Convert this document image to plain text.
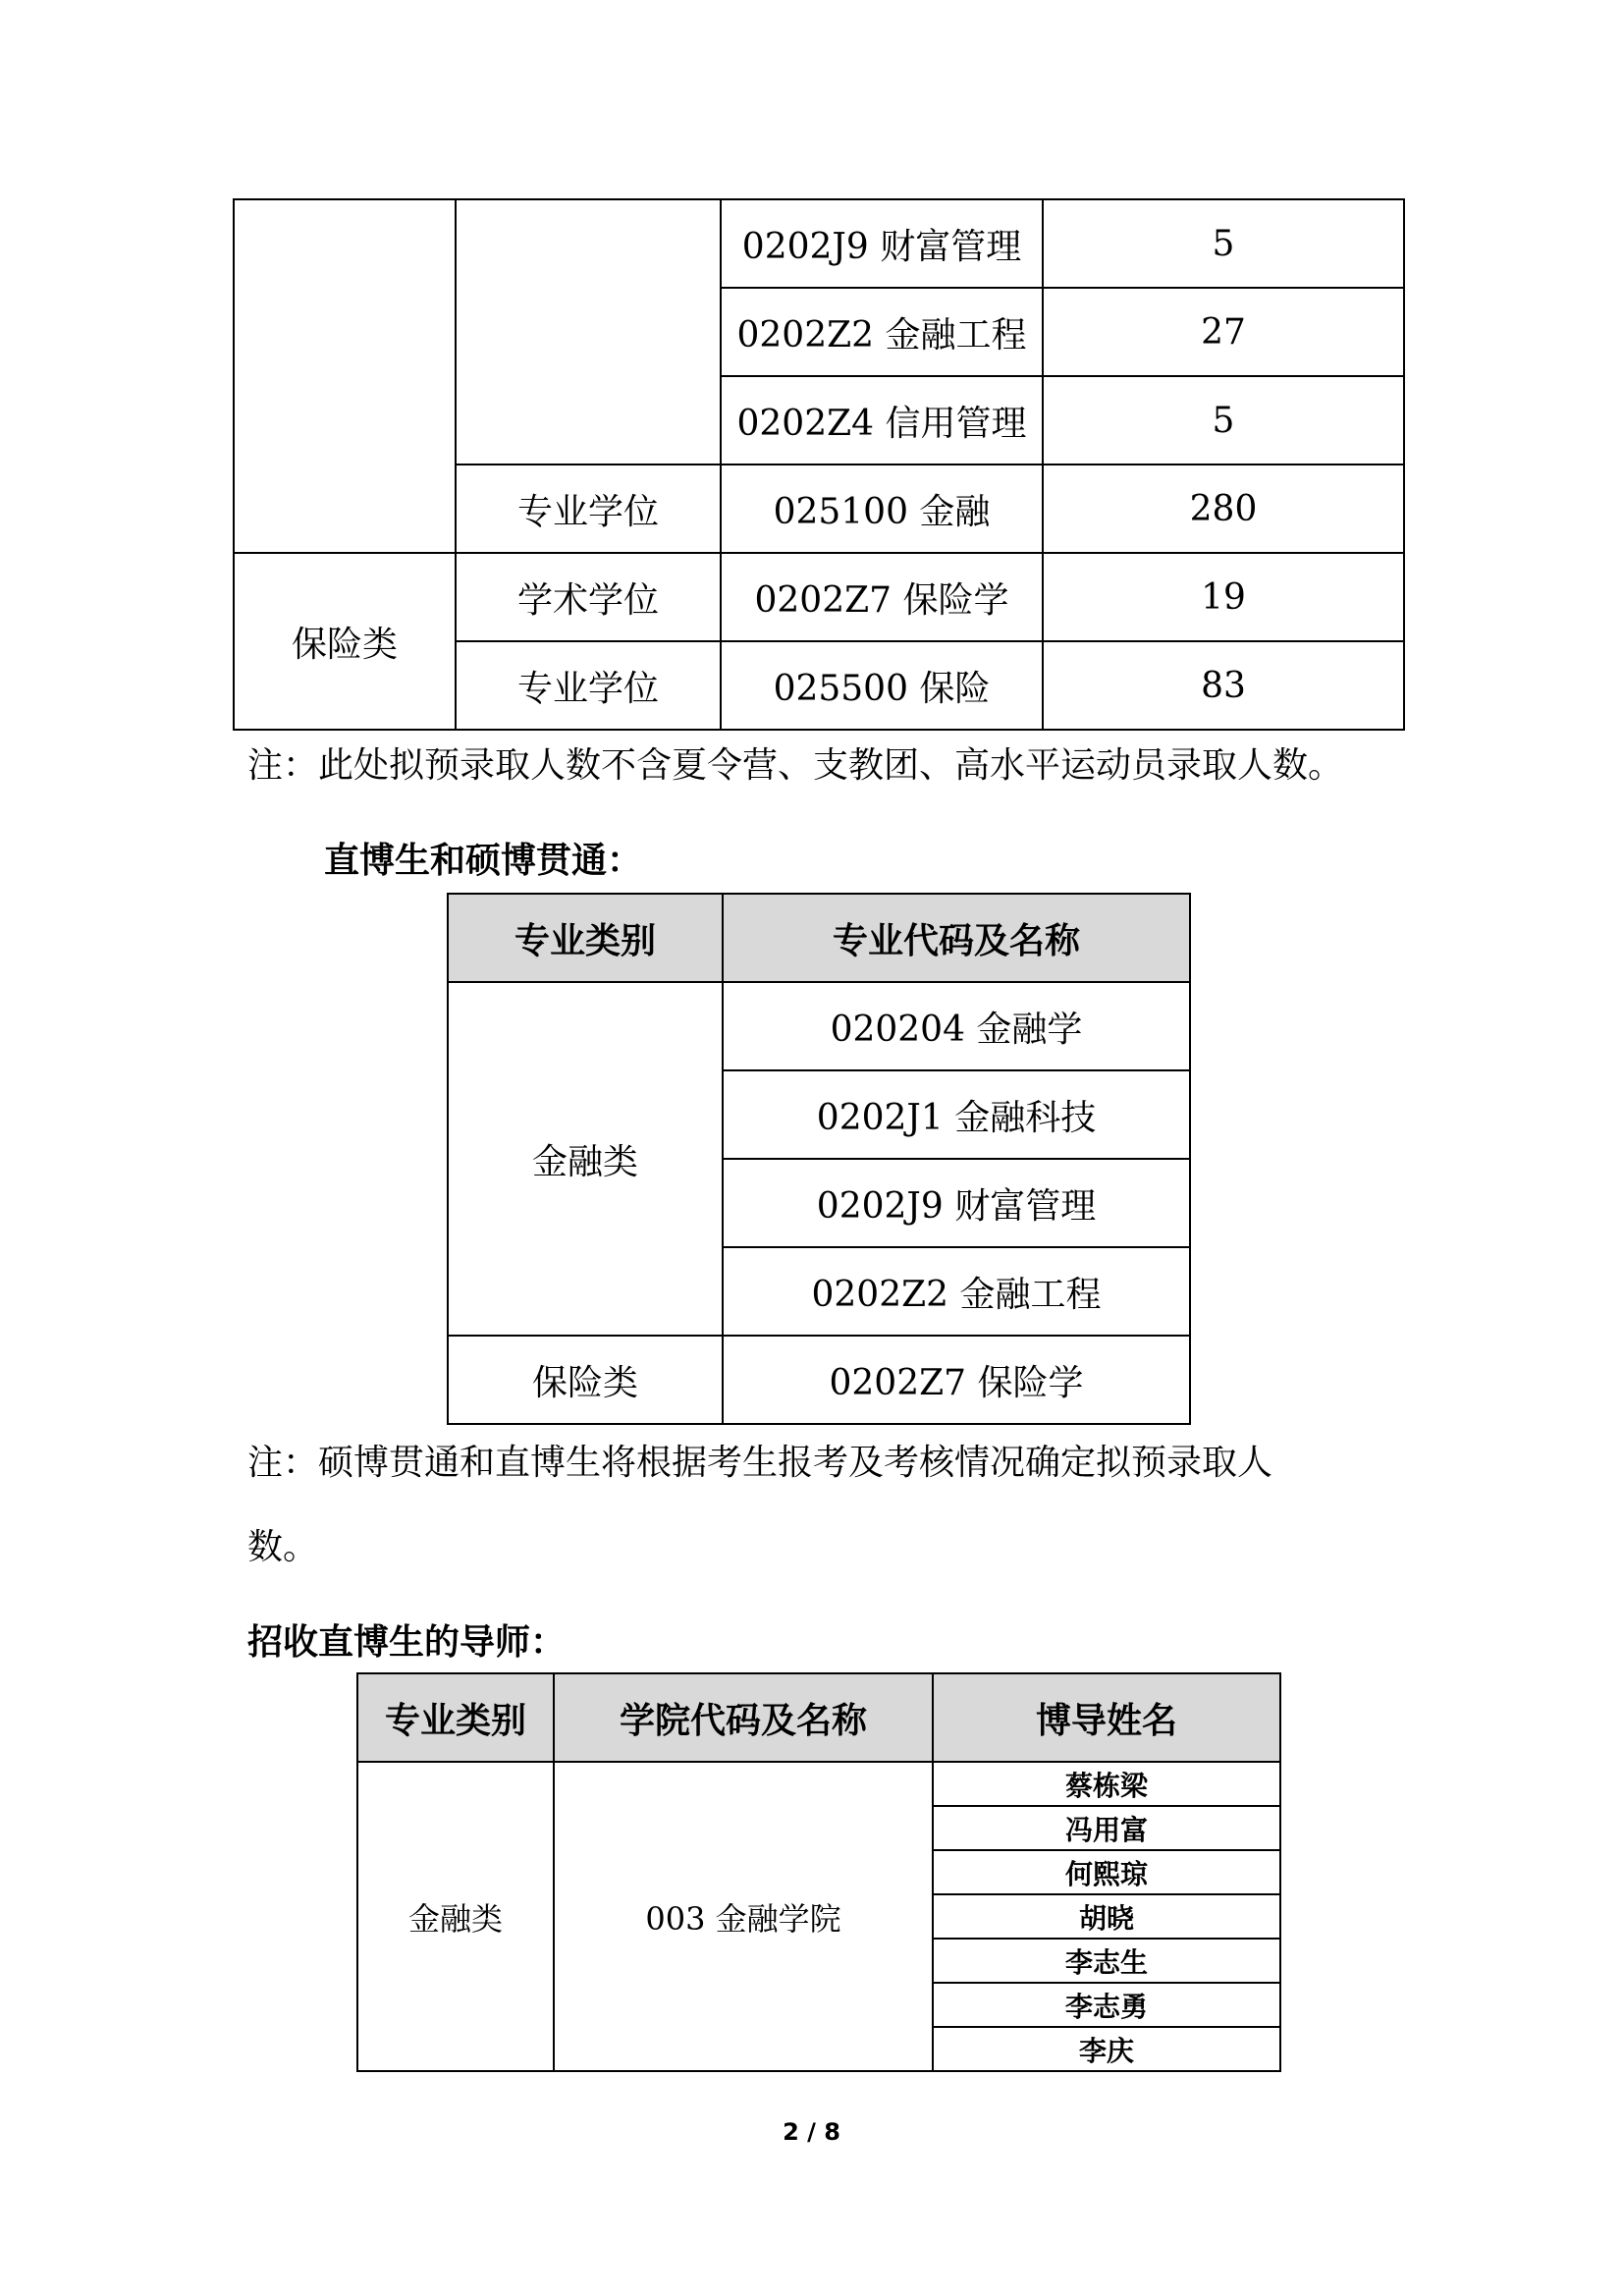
		0202J9 财富管理	5
		0202Z2 金融工程	27
		0202Z4 信用管理	5
	专业学位	025100 金融	280
保险类	学术学位	0202Z7 保险学	19
	专业学位	025500 保险	83
注：此处拟预录取人数不含夏令营、支教团、高水平运动员录取人数。
直博生和硕博贯通：
专业类别	专业代码及名称
金融类	020204 金融学
	0202J1 金融科技
	0202J9 财富管理
	0202Z2 金融工程
保险类	0202Z7 保险学
注：硕博贯通和直博生将根据考生报考及考核情况确定拟预录取人
数。
招收直博生的导师：
专业类别	学院代码及名称	博导姓名
金融类	003 金融学院	蔡栋梁
		冯用富
		何熙琼
		胡晓
		李志生
		李志勇
		李庆
2 / 8
